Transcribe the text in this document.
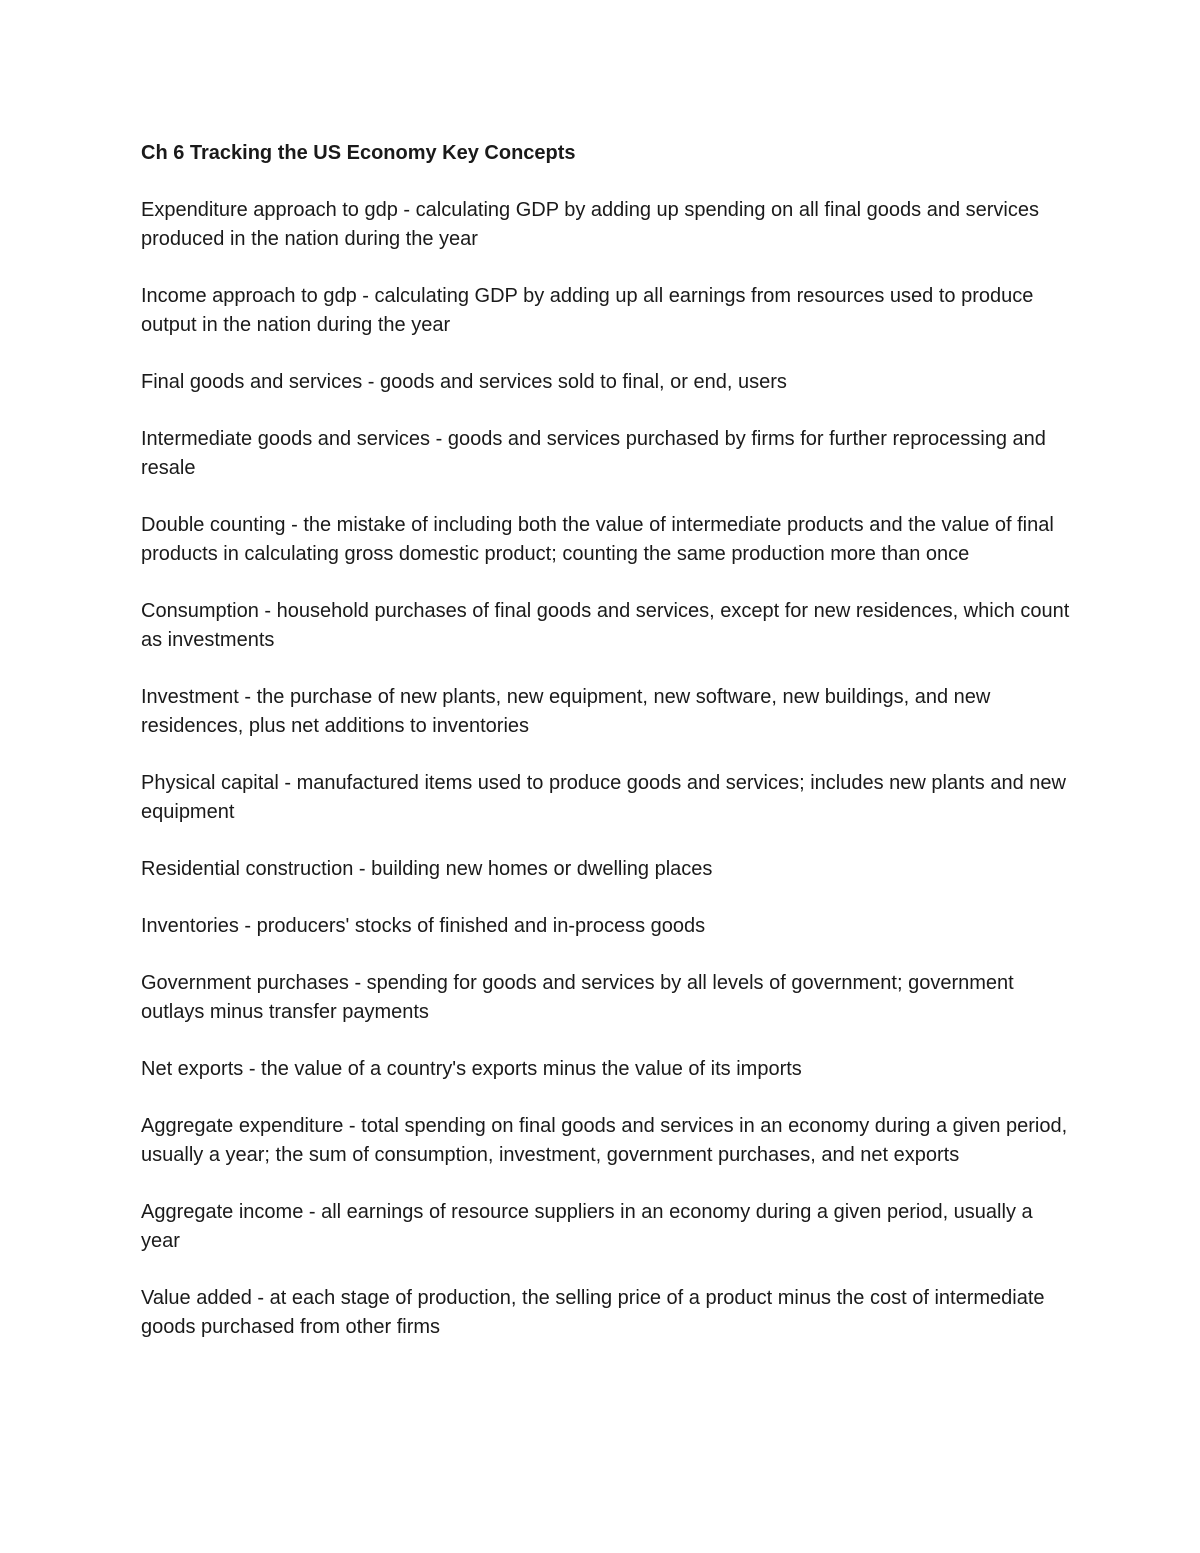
Ch 6 Tracking the US Economy Key Concepts

Expenditure approach to gdp - calculating GDP by adding up spending on all final goods and services produced in the nation during the year

Income approach to gdp - calculating GDP by adding up all earnings from resources used to produce output in the nation during the year

Final goods and services - goods and services sold to final, or end, users

Intermediate goods and services - goods and services purchased by firms for further reprocessing and resale

Double counting - the mistake of including both the value of intermediate products and the value of final products in calculating gross domestic product; counting the same production more than once

Consumption - household purchases of final goods and services, except for new residences, which count as investments

Investment - the purchase of new plants, new equipment, new software, new buildings, and new residences, plus net additions to inventories

Physical capital - manufactured items used to produce goods and services; includes new plants and new equipment

Residential construction - building new homes or dwelling places

Inventories - producers' stocks of finished and in-process goods

Government purchases - spending for goods and services by all levels of government; government outlays minus transfer payments

Net exports - the value of a country's exports minus the value of its imports

Aggregate expenditure - total spending on final goods and services in an economy during a given period, usually a year; the sum of consumption, investment, government purchases, and net exports

Aggregate income - all earnings of resource suppliers in an economy during a given period, usually a year

Value added - at each stage of production, the selling price of a product minus the cost of intermediate goods purchased from other firms
